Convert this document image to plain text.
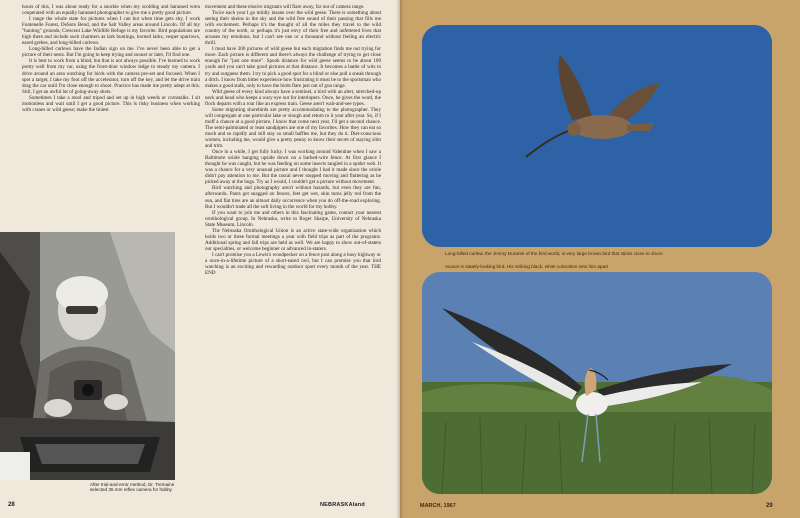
hours of this, I was about ready for a snorkle when my scolding and harassed wren cooperated with an equally harassed photographer to give me a pretty good picture.

I range the whole state for pictures when I can but when time gets shy, I work Fontenelle Forest, DeSoto Bend, and the Salt Valley areas around Lincoln. Of all my "hunting" grounds, Crescent Lake Wildlife Refuge is my favorite. Bird populations are high there and include such charmers as lark buntings, horned larks, vesper sparrows, eared grebes, and long-billed curlews.

Long-billed curlews have the Indian sign on me. I've never been able to get a picture of their nests. But I'm going to keep trying and sooner or later, I'll find one.

It is best to work from a blind, but that is not always possible. I've learned to work pretty well from my car, using the front-door window ledge to steady my camera. I drive around an area watching for birds with the camera pre-set and focused. When I spot a target, I take my foot off the accelerator, turn off the key, and let the drive train drag the car until I'm close enough to shoot. Practice has made me pretty adept at this. Still, I get an awful lot of going-away shots.

Sometimes I take a stool and tripod and set up in high weeds or cornstalks. I sit motionless and wait until I get a good picture. This is risky business when working with cranes or wild geese; make the tiniest

movement and these elusive migrants will flare away, far out of camera range.

Twice each year I go mildly insane over the wild geese. There is something about seeing their skeins in the sky and the wild free sound of their passing that fills me with excitement. Perhaps it's the thought of all the miles they travel to the wild country of the north, or perhaps it's just envy of their free and unfettered lives that arouses my emotions, but I can't see one or a thousand without feeling an electric thrill.

I must have 300 pictures of wild geese but each migration finds me out trying for more. Each picture is different and there's always the challenge of trying to get close enough for "just one more". Spook distance for wild geese seems to be about 100 yards and you can't take good pictures at that distance. It becomes a battle of wits to try and outguess them. I try to pick a good spot for a blind or else pull a sneak through a ditch. I know from bitter experience how frustrating it must be to the sportsman who makes a good stalk, only to have the birds flare just out of gun range.

Wild geese of every kind always have a sentinel, a bird with an alert, stretched-up neck and head who keeps a wary eye out for interlopers. Once, he gives the word, the flock departs with a roar like an express train. Geese aren't wait-and-see types.

Some migrating shorebirds are pretty accommodating to the photographer. They will congregate at one particular lake or slough and return to it year after year. So, if I muff a chance at a good picture, I know that come next year, I'll get a second chance. The semi-palminated or least sandpipers are one of my favorites. How they can eat so much and so rapidly and still stay so small baffles me, but they do it. Diet-conscious women, including me, would give a pretty penny to know their secret of staying slim and trim.

Once in a while, I get fully lucky. I was working around Valentine when I saw a Baltimore oriole hanging upside down on a barbed-wire fence. At first glance I thought he was caught, but he was feeding on some insects tangled in a spider web. It was a chance for a very unusual picture and I thought I had it made since the oriole didn't pay attention to me. But the rascal never stopped moving and fluttering as he picked away at the bugs. Try as I would, I couldn't get a picture without movement.

Bird watching and photography aren't without hazards, but even they are fun, afterwards. Pants get snagged on fences, feet get wet, skin turns jelly red from the sun, and flat tires are an almost daily occurrence when you do off-the-road exploring. But I wouldn't trade all the soft living in the world for my hobby.

If you want to join me and others in this fascinating game, contact your nearest ornithological group. In Nebraska, write to Roger Sharpe, University of Nebraska State Museum, Lincoln.

The Nebraska Ornithological Union is an active state-wide organization which holds two or three formal meetings a year with field trips as part of the programs. Additional spring and fall trips are held as well. We are happy to show out-of-staters our specialties, or welcome beginner or advanced in-staters.

I can't promise you a Lewis's woodpecker on a fence post along a busy highway or a once-in-a-lifetime picture of a short-eared owl, but I can promise you that bird watching is an exciting and rewarding outdoor sport every month of the year. THE END

After trial-and-error method, Dr. Tremaine selected 35 mm reflex camera for hobby
28	NEBRASKAland
Long-billed curlew, the Jimmy Durante of the bird world, is very large brown bird that sticks close to shore
Avocet is stately-looking bird. His striking black, white coloration sets him apart
MARCH, 1967	29
